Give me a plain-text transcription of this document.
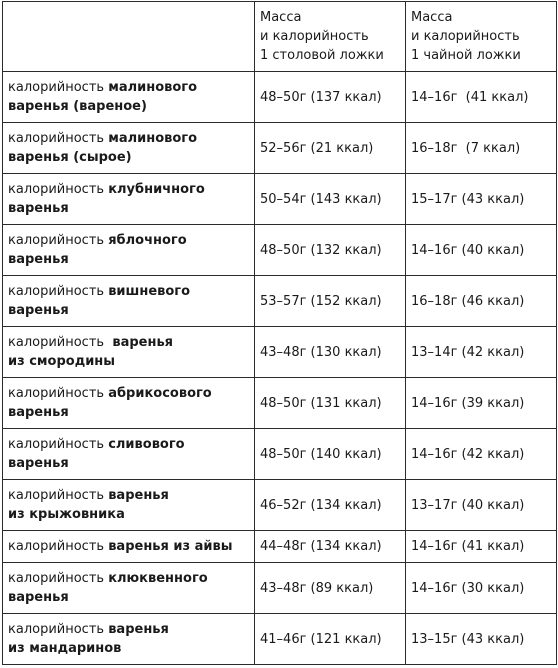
	Масса
и калорийность
1 столовой ложки	Масса
и калорийность
1 чайной ложки
калорийность малинового
варенья (вареное)	48–50г (137 ккал)	14–16г  (41 ккал)
калорийность малинового
варенья (сырое)	52–56г (21 ккал)	16–18г  (7 ккал)
калорийность клубничного
варенья	50–54г (143 ккал)	15–17г (43 ккал)
калорийность яблочного
варенья	48–50г (132 ккал)	14–16г (40 ккал)
калорийность вишневого
варенья	53–57г (152 ккал)	16–18г (46 ккал)
калорийность  варенья
из смородины	43–48г (130 ккал)	13–14г (42 ккал)
калорийность абрикосового
варенья	48–50г (131 ккал)	14–16г (39 ккал)
калорийность сливового
варенья	48–50г (140 ккал)	14–16г (42 ккал)
калорийность варенья
из крыжовника	46–52г (134 ккал)	13–17г (40 ккал)
калорийность варенья из айвы	44–48г (134 ккал)	14–16г (41 ккал)
калорийность клюквенного
варенья	43–48г (89 ккал)	14–16г (30 ккал)
калорийность варенья
из мандаринов	41–46г (121 ккал)	13–15г (43 ккал)
